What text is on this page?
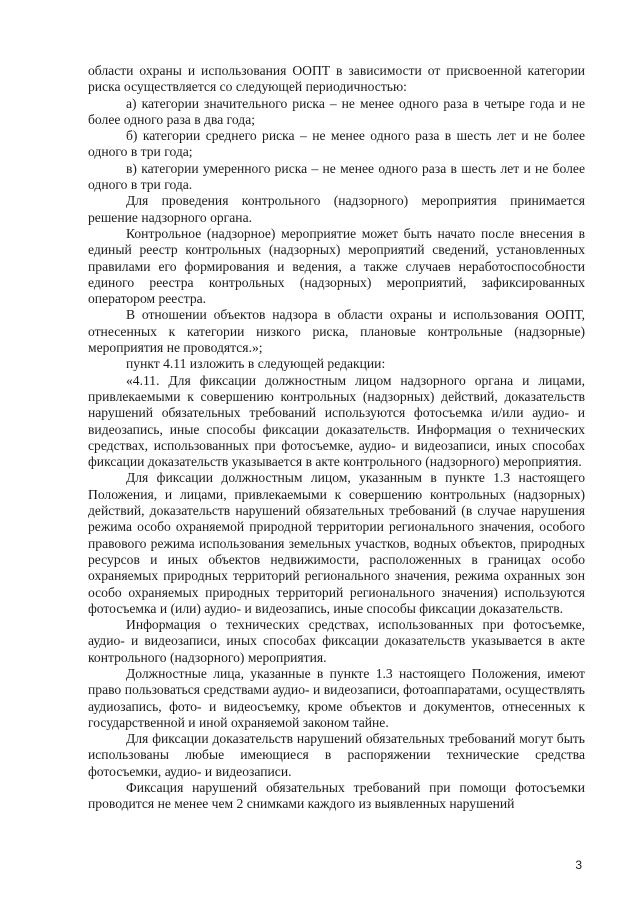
области охраны и использования ООПТ в зависимости от присвоенной категории риска осуществляется со следующей периодичностью:

а) категории значительного риска – не менее одного раза в четыре года и не более одного раза в два года;

б) категории среднего риска – не менее одного раза в шесть лет и не более одного в три года;

в) категории умеренного риска – не менее одного раза в шесть лет и не более одного в три года.

Для проведения контрольного (надзорного) мероприятия принимается решение надзорного органа.

Контрольное (надзорное) мероприятие может быть начато после внесения в единый реестр контрольных (надзорных) мероприятий сведений, установленных правилами его формирования и ведения, а также случаев неработоспособности единого реестра контрольных (надзорных) мероприятий, зафиксированных оператором реестра.

В отношении объектов надзора в области охраны и использования ООПТ, отнесенных к категории низкого риска, плановые контрольные (надзорные) мероприятия не проводятся.»;

пункт 4.11 изложить в следующей редакции:

«4.11. Для фиксации должностным лицом надзорного органа и лицами, привлекаемыми к совершению контрольных (надзорных) действий, доказательств нарушений обязательных требований используются фотосъемка и/или аудио- и видеозапись, иные способы фиксации доказательств. Информация о технических средствах, использованных при фотосъемке, аудио- и видеозаписи, иных способах фиксации доказательств указывается в акте контрольного (надзорного) мероприятия.

Для фиксации должностным лицом, указанным в пункте 1.3 настоящего Положения, и лицами, привлекаемыми к совершению контрольных (надзорных) действий, доказательств нарушений обязательных требований (в случае нарушения режима особо охраняемой природной территории регионального значения, особого правового режима использования земельных участков, водных объектов, природных ресурсов и иных объектов недвижимости, расположенных в границах особо охраняемых природных территорий регионального значения, режима охранных зон особо охраняемых природных территорий регионального значения) используются фотосъемка и (или) аудио- и видеозапись, иные способы фиксации доказательств.

Информация о технических средствах, использованных при фотосъемке, аудио- и видеозаписи, иных способах фиксации доказательств указывается в акте контрольного (надзорного) мероприятия.

Должностные лица, указанные в пункте 1.3 настоящего Положения, имеют право пользоваться средствами аудио- и видеозаписи, фотоаппаратами, осуществлять аудиозапись, фото- и видеосъемку, кроме объектов и документов, отнесенных к государственной и иной охраняемой законом тайне.

Для фиксации доказательств нарушений обязательных требований могут быть использованы любые имеющиеся в распоряжении технические средства фотосъемки, аудио- и видеозаписи.

Фиксация нарушений обязательных требований при помощи фотосъемки проводится не менее чем 2 снимками каждого из выявленных нарушений

3
